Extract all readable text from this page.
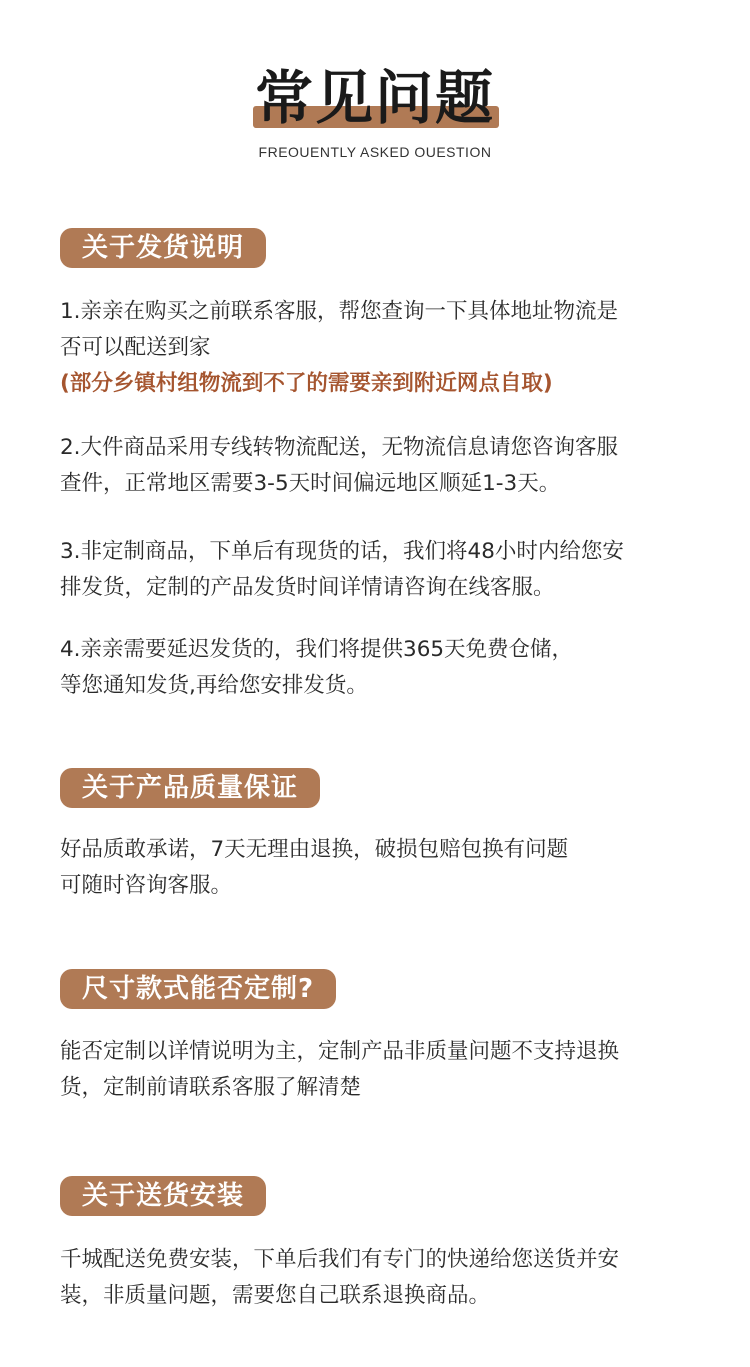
常见问题
FREOUENTLY ASKED OUESTION
关于发货说明
1.亲亲在购买之前联系客服，帮您查询一下具体地址物流是
否可以配送到家
(部分乡镇村组物流到不了的需要亲到附近网点自取)
2.大件商品采用专线转物流配送，无物流信息请您咨询客服
查件，正常地区需要3-5天时间偏远地区顺延1-3天。
3.非定制商品，下单后有现货的话，我们将48小时内给您安
排发货，定制的产品发货时间详情请咨询在线客服。
4.亲亲需要延迟发货的，我们将提供365天免费仓储，
等您通知发货,再给您安排发货。
关于产品质量保证
好品质敢承诺，7天无理由退换，破损包赔包换有问题
可随时咨询客服。
尺寸款式能否定制?
能否定制以详情说明为主，定制产品非质量问题不支持退换
货，定制前请联系客服了解清楚
关于送货安装
千城配送免费安装，下单后我们有专门的快递给您送货并安
装，非质量问题，需要您自己联系退换商品。
